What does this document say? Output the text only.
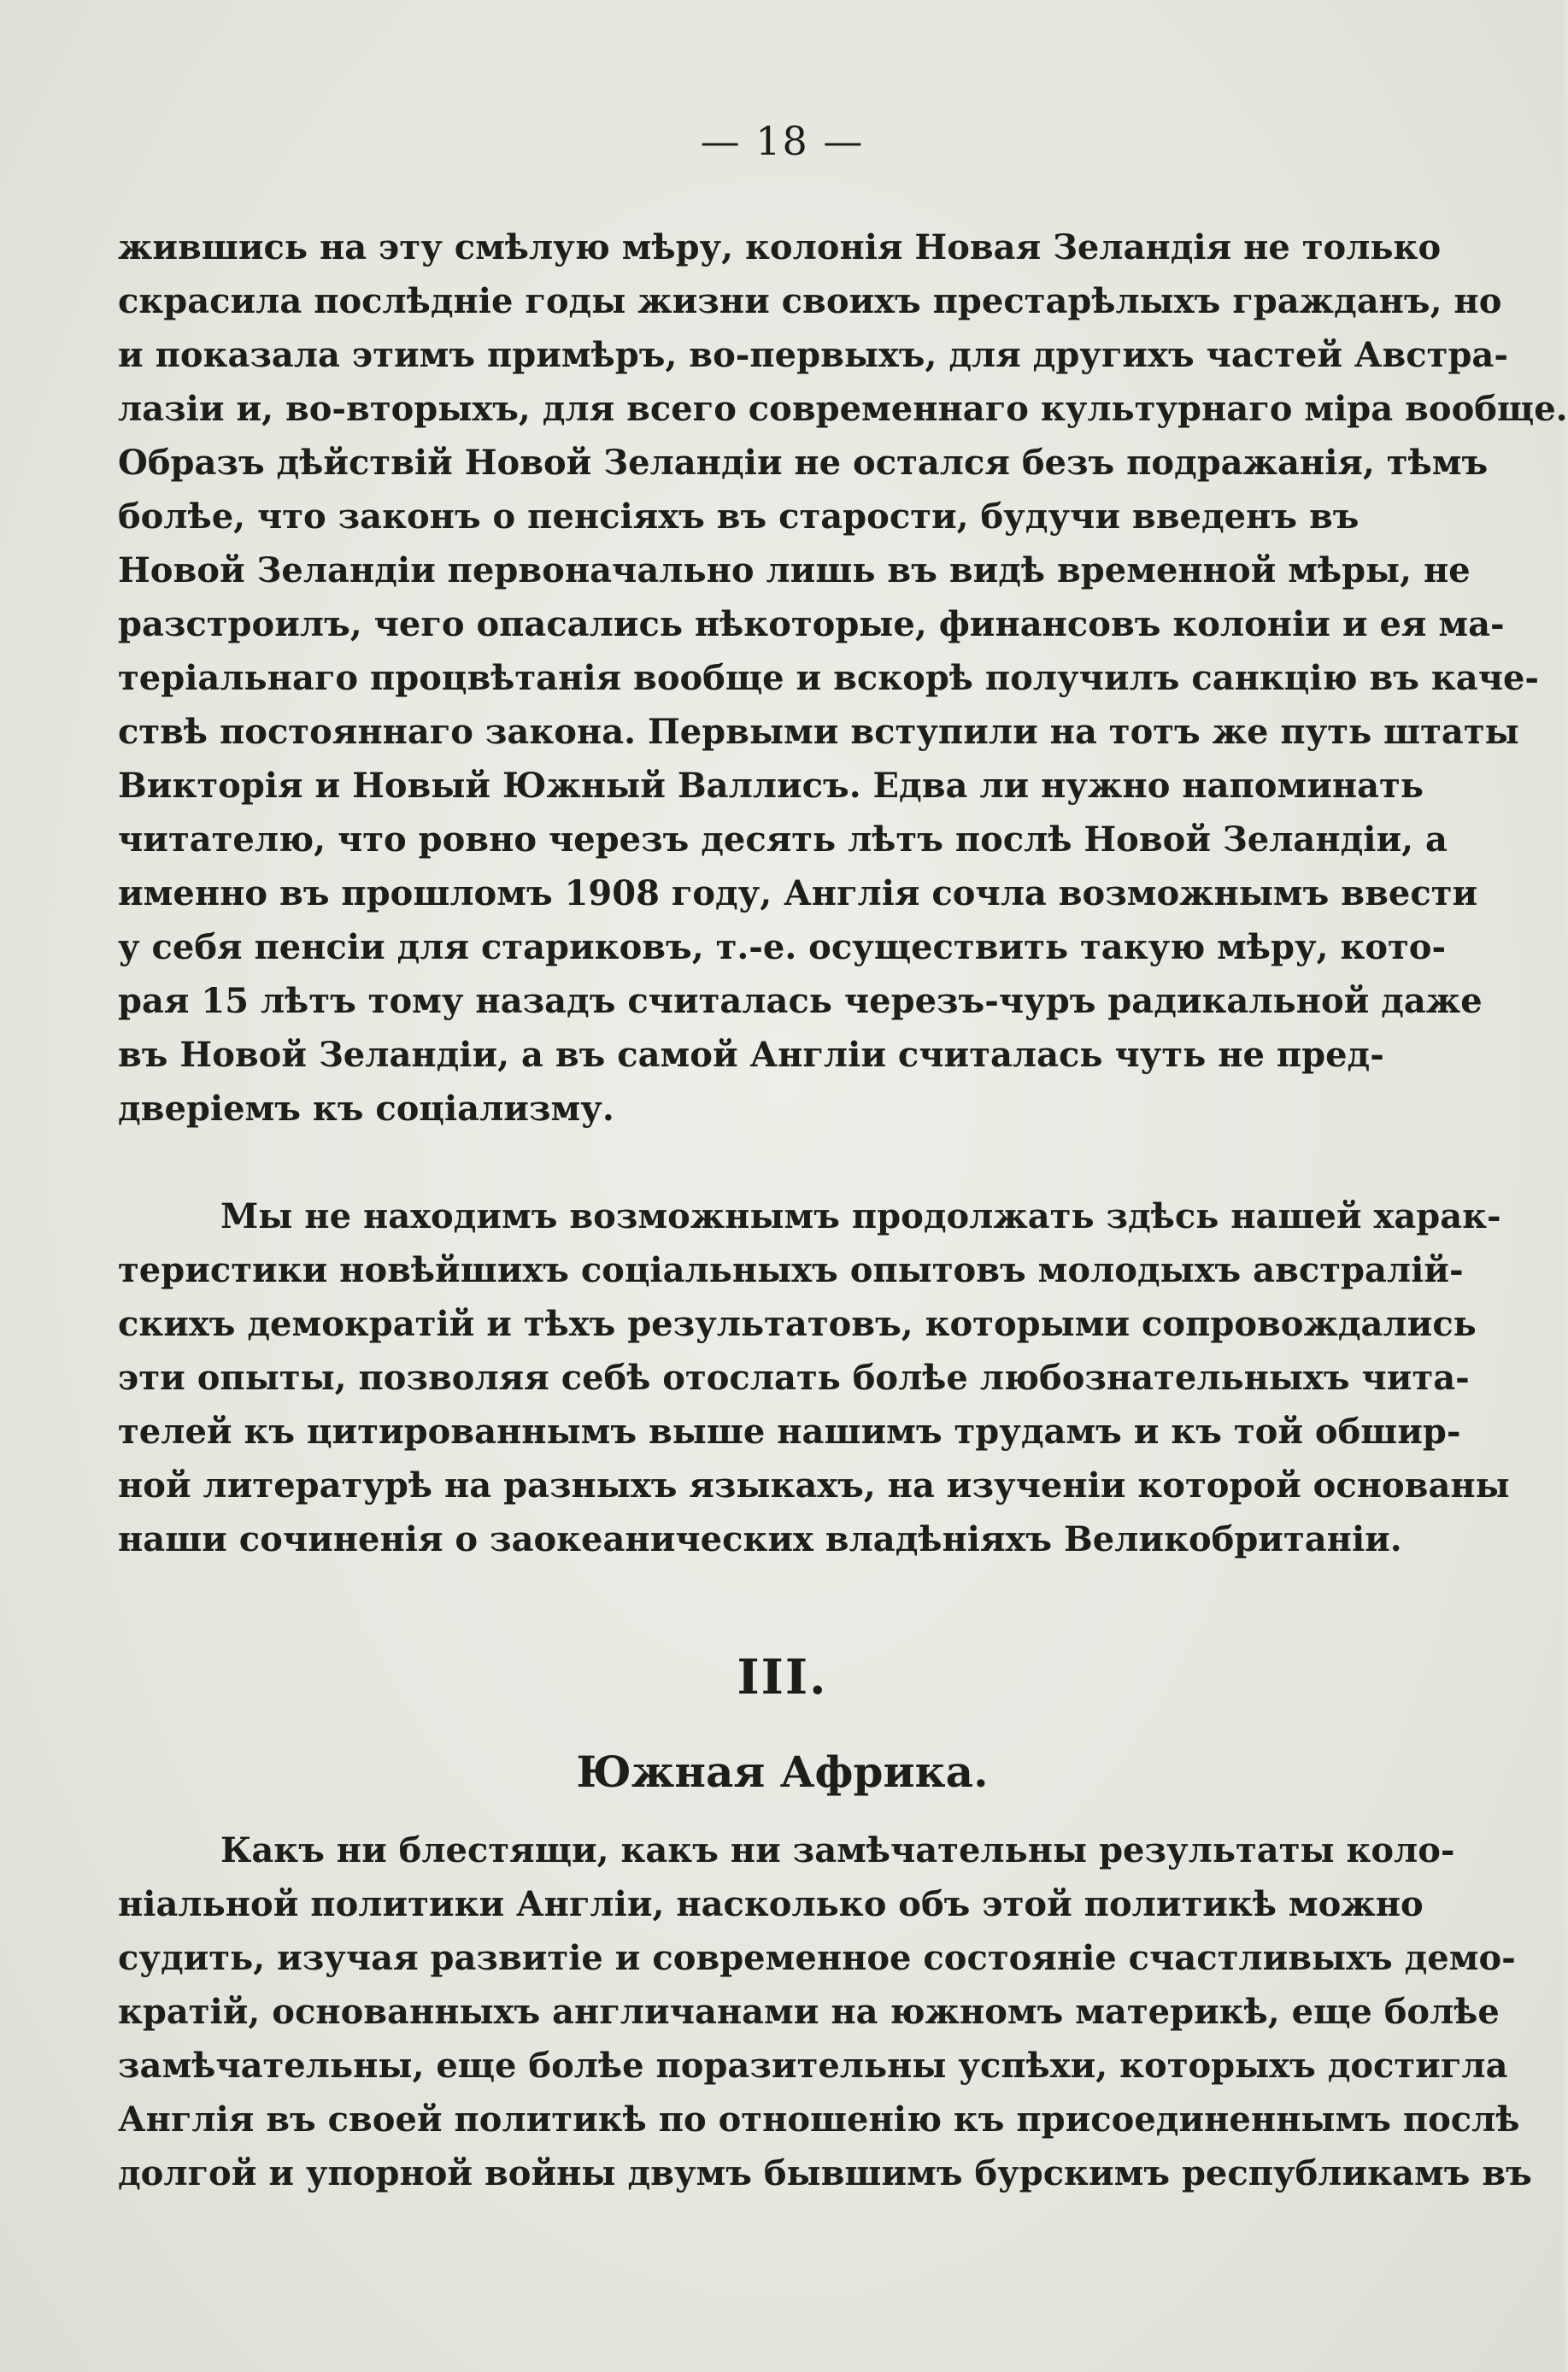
— 18 —
жившись на эту смѣлую мѣру, колонія Новая Зеландія не только
скрасила послѣдніе годы жизни своихъ престарѣлыхъ гражданъ, но
и показала этимъ примѣръ, во-первыхъ, для другихъ частей Австра-
лазіи и, во-вторыхъ, для всего современнаго культурнаго міра вообще.
Образъ дѣйствій Новой Зеландіи не остался безъ подражанія, тѣмъ
болѣе, что законъ о пенсіяхъ въ старости, будучи введенъ въ
Новой Зеландіи первоначально лишь въ видѣ временной мѣры, не
разстроилъ, чего опасались нѣкоторые, финансовъ колоніи и ея ма-
теріальнаго процвѣтанія вообще и вскорѣ получилъ санкцію въ каче-
ствѣ постояннаго закона. Первыми вступили на тотъ же путь штаты
Викторія и Новый Южный Валлисъ. Едва ли нужно напоминать
читателю, что ровно черезъ десять лѣтъ послѣ Новой Зеландіи, а
именно въ прошломъ 1908 году, Англія сочла возможнымъ ввести
у себя пенсіи для стариковъ, т.-е. осуществить такую мѣру, кото-
рая 15 лѣтъ тому назадъ считалась черезъ-чуръ радикальной даже
въ Новой Зеландіи, а въ самой Англіи считалась чуть не пред-
дверіемъ къ соціализму.
Мы не находимъ возможнымъ продолжать здѣсь нашей харак-
теристики новѣйшихъ соціальныхъ опытовъ молодыхъ австралій-
скихъ демократій и тѣхъ результатовъ, которыми сопровождались
эти опыты, позволяя себѣ отослать болѣе любознательныхъ чита-
телей къ цитированнымъ выше нашимъ трудамъ и къ той обшир-
ной литературѣ на разныхъ языкахъ, на изученіи которой основаны
наши сочиненія о заокеанических владѣніяхъ Великобританіи.
III.
Южная Африка.
Какъ ни блестящи, какъ ни замѣчательны результаты коло-
ніальной политики Англіи, насколько объ этой политикѣ можно
судить, изучая развитіе и современное состояніе счастливыхъ демо-
кратій, основанныхъ англичанами на южномъ материкѣ, еще болѣе
замѣчательны, еще болѣе поразительны успѣхи, которыхъ достигла
Англія въ своей политикѣ по отношенію къ присоединеннымъ послѣ
долгой и упорной войны двумъ бывшимъ бурскимъ республикамъ въ
